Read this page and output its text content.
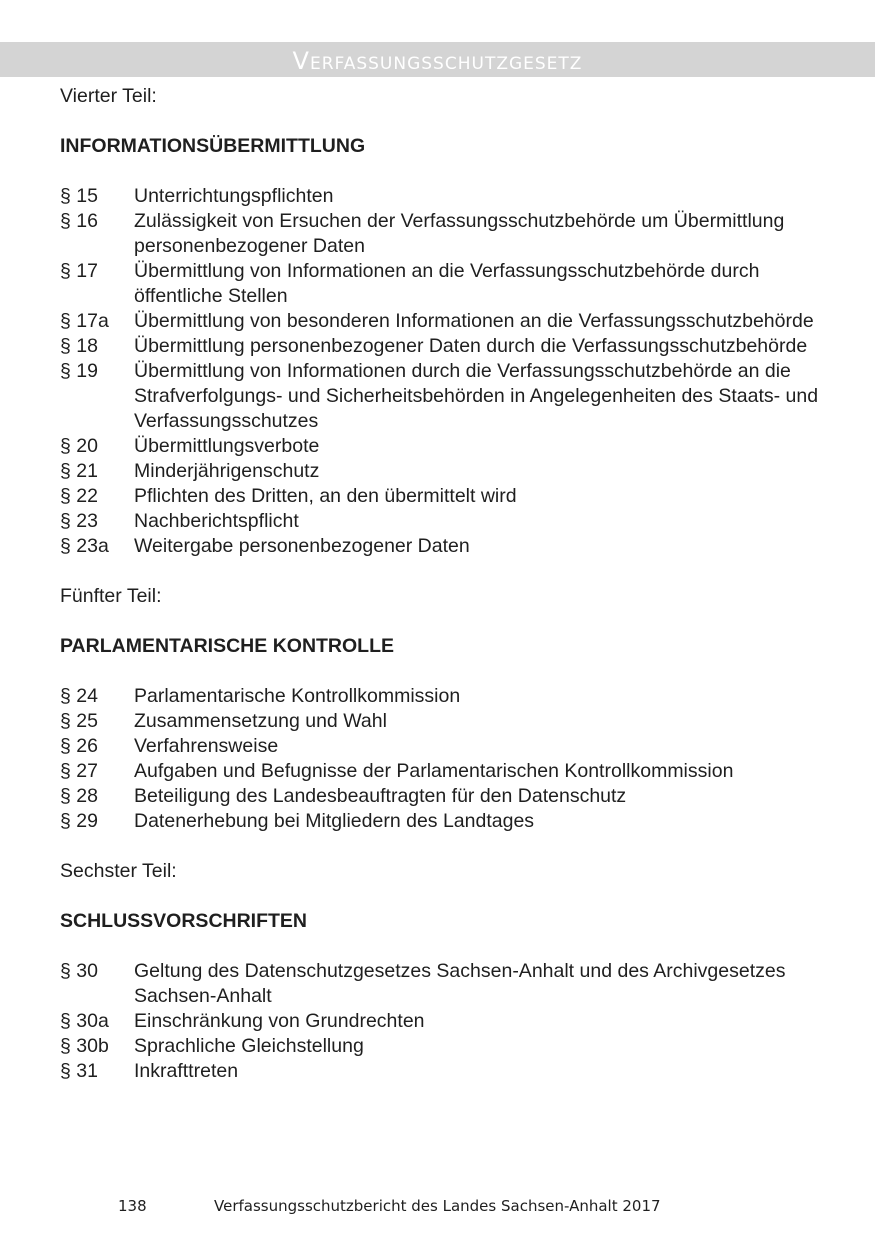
Verfassungsschutzgesetz

Vierter Teil:

INFORMATIONSÜBERMITTLUNG

§ 15	Unterrichtungspflichten
§ 16	Zulässigkeit von Ersuchen der Verfassungsschutzbehörde um Übermittlung personenbezogener Daten
§ 17	Übermittlung von Informationen an die Verfassungsschutzbehörde durch öffentliche Stellen
§ 17a	Übermittlung von besonderen Informationen an die Verfassungsschutzbehörde
§ 18	Übermittlung personenbezogener Daten durch die Verfassungsschutzbehörde
§ 19	Übermittlung von Informationen durch die Verfassungsschutzbehörde an die Strafverfolgungs- und Sicherheitsbehörden in Angelegenheiten des Staats- und Verfassungsschutzes
§ 20	Übermittlungsverbote
§ 21	Minderjährigenschutz
§ 22	Pflichten des Dritten, an den übermittelt wird
§ 23	Nachberichtspflicht
§ 23a	Weitergabe personenbezogener Daten

Fünfter Teil:

PARLAMENTARISCHE KONTROLLE

§ 24	Parlamentarische Kontrollkommission
§ 25	Zusammensetzung und Wahl
§ 26	Verfahrensweise
§ 27	Aufgaben und Befugnisse der Parlamentarischen Kontrollkommission
§ 28	Beteiligung des Landesbeauftragten für den Datenschutz
§ 29	Datenerhebung bei Mitgliedern des Landtages

Sechster Teil:

SCHLUSSVORSCHRIFTEN

§ 30	Geltung des Datenschutzgesetzes Sachsen-Anhalt und des Archivgesetzes Sachsen-Anhalt
§ 30a	Einschränkung von Grundrechten
§ 30b	Sprachliche Gleichstellung
§ 31	Inkrafttreten
138	Verfassungsschutzbericht des Landes Sachsen-Anhalt 2017
